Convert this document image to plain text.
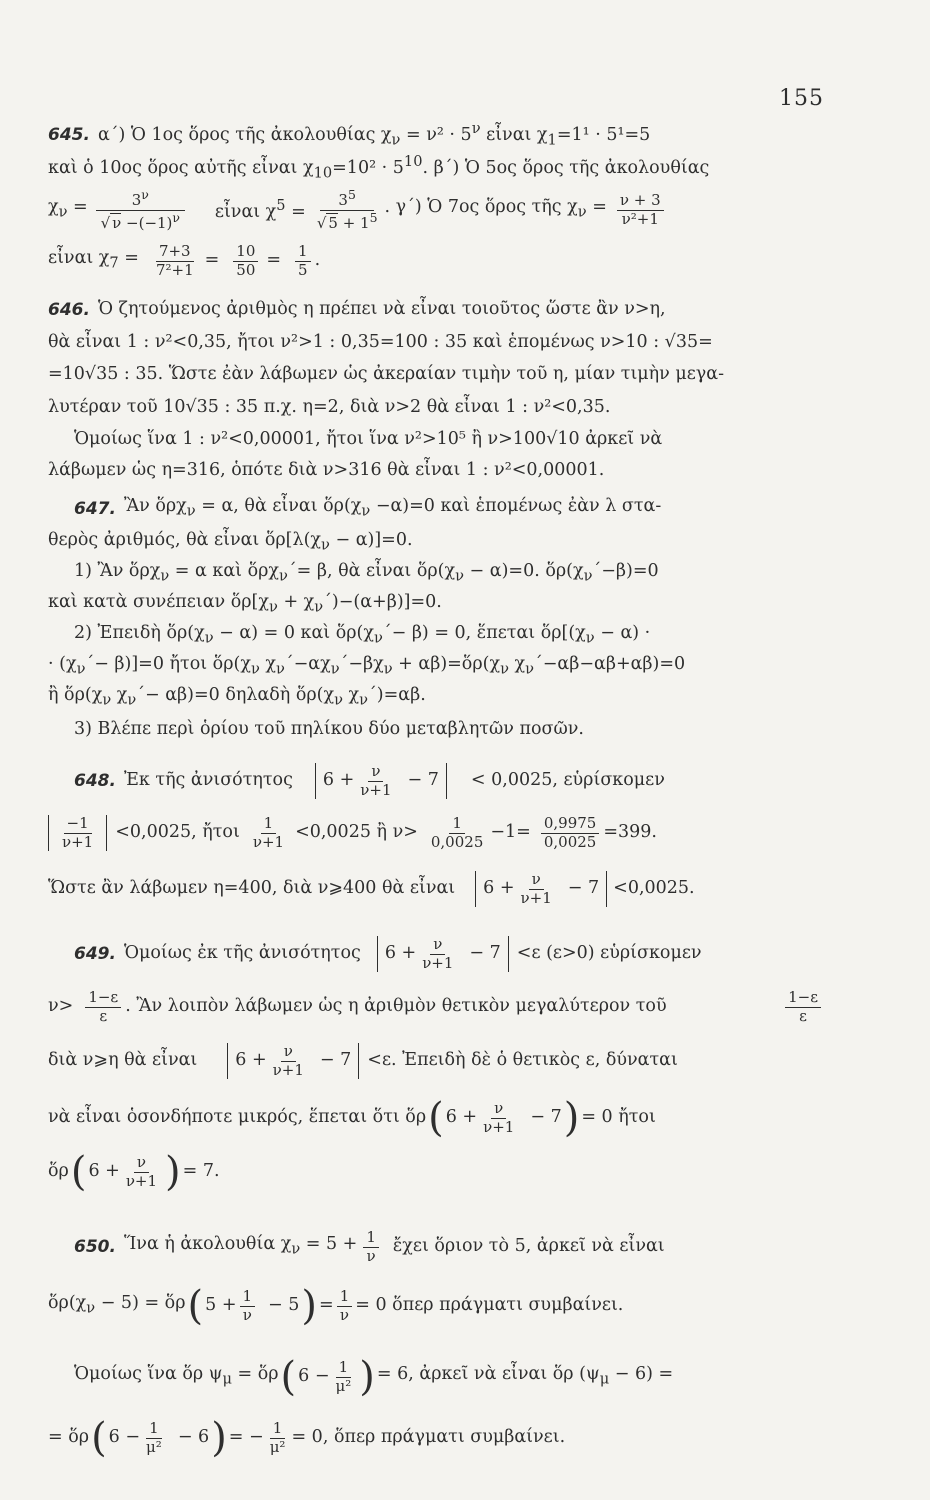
155
645. α΄) Ὁ 1ος ὅρος τῆς ἀκολουθίας $\chi_\nu = \nu^2 \cdot 5^\nu$ εἶναι $\chi_1=1^1 \cdot 5^1=5$
καὶ ὁ 10ος ὅρος αὐτῆς εἶναι $\chi_{10}=10^2 \cdot 5^{10}$. β΄) Ὁ 5ος ὅρος τῆς ἀκολουθίας
$\chi_\nu = \frac{3^\nu}{√ \nu -(-1)^\nu}$ εἶναι $\chi^5 = \frac{3^5}{√ 5 + 1^5}$ . γ΄) Ὁ 7ος ὅρος τῆς $\chi_\nu = \frac{\nu + 3}{\text{ν²+1}}$
εἶναι $\chi_7 = \frac{7+3}{\text{7²+1}} = 10$
50 = 1
5 .
646. Ὁ ζητούμενος ἀριθμὸς η πρέπει νὰ εἶναι τοιοῦτος ὥστε ἂν ν>η,
θὰ εἶναι 1 : ν²<0,35, ἤτοι ν²>1 : 0,35=100 : 35 καὶ ἑπομένως ν>10 : √35=
=10√35 : 35. Ὥστε ἐὰν λάβωμεν ὡς ἀκεραίαν τιμὴν τοῦ η, μίαν τιμὴν μεγα-
λυτέραν τοῦ 10√35 : 35 π.χ. η=2, διὰ ν>2 θὰ εἶναι 1 : ν²<0,35.
Ὁμοίως ἵνα 1 : ν²<0,00001, ἤτοι ἵνα ν²>10⁵ ἢ ν>100√10 ἀρκεῖ νὰ
λάβωμεν ὡς η=316, ὁπότε διὰ ν>316 θὰ εἶναι 1 : ν²<0,00001.
647. Ἂν ὅρχ$_\nu$ = α, θὰ εἶναι $ὅ\rho(\chi_\nu -\alpha)=0$ καὶ ἑπομένως ἐὰν λ στα-
θερὸς ἀριθμός, θὰ εἶναι $ὅ\rho[\lambda(\chi_\nu - \alpha)]=0$.
1) Ἂν ὅρχ$_\nu$ = α καὶ ὅρχ$_\nu$΄= β, θὰ εἶναι $ὅ\rho(\chi_\nu - \alpha)=0$. $ὅ\rho(\chi_\nu΄-\beta)=0$
καὶ κατὰ συνέπειαν $ὅ\rho[\chi_\nu + \chi_\nu΄)-(\alpha+\beta)]=0$.
2) Ἐπειδὴ $ὅ\rho(\chi_\nu - \alpha) = 0$ καὶ $ὅ\rho(\chi_\nu΄- \beta) = 0$, ἕπεται $ὅ\rho[(\chi_\nu - \alpha)$ ·
· $(\chi_\nu΄- \beta)]=0$ ἤτοι $ὅ\rho(\chi_\nu$ $\chi_\nu΄-\alpha\chi_\nu΄-\beta\chi_\nu$ + $\alpha\beta)=ὅ\rho(\chi_\nu$ $\chi_\nu΄-\alpha\beta-\alpha\beta+\alpha\beta)=0$
ἢ $ὅ\rho(\chi_\nu$ $\chi_\nu΄- \alpha\beta)=0$ δηλαδὴ $ὅ\rho(\chi_\nu$ $\chi_\nu΄)=\alpha\beta$.
3) Βλέπε περὶ ὁρίου τοῦ πηλίκου δύο μεταβλητῶν ποσῶν.
648. Ἐκ τῆς ἀνισότητος $6 + \frac{\nu}{\nu+1} - 7 < 0,0025$, εὑρίσκομεν
−1
ν+1 <0,0025, ἤτοι 1
ν+1 <0,0025 ἢ ν> 1
$0,0025 -1= \frac{0,9975}{0,0025} =399$.
Ὥστε ἂν λάβωμεν η=400, διὰ ν⩾400 θὰ εἶναι $6 + \frac{\nu}{\nu+1} - 7 <0,0025$.
649. Ὁμοίως ἐκ τῆς ἀνισότητος $6 + \frac{\nu}{\nu+1} - 7 <\varepsilon$ (ε>0) εὑρίσκομεν
ν> 1−ε
ε . Ἂν λοιπὸν λάβωμεν ὡς η ἀριθμὸν θετικὸν μεγαλύτερον τοῦ	1−ε
ε
διὰ ν⩾η θὰ εἶναι $6 + \frac{\nu}{\nu+1} - 7 <\varepsilon$. Ἐπειδὴ δὲ ὁ θετικὸς ε, δύναται
νὰ εἶναι ὁσονδήποτε μικρός, ἕπεται ὅτι ὅρ ( $6 + \frac{\nu}{\nu+1} - 7$ ) = 0 ἤτοι
ὅρ ( $6 + \frac{\nu}{\nu+1}$ ) = 7.
650. Ἵνα ἡ ἀκολουθία $\chi_\nu = 5 + \frac{1}{\nu}$ ἔχει ὅριον τὸ 5, ἀρκεῖ νὰ εἶναι
$ὅ\rho(\chi_\nu - 5)$ = ὅρ ( $5 + \frac{1}{\nu} - 5$ ) = $\frac{1}{\nu} = 0$ ὅπερ πράγματι συμβαίνει.
Ὁμοίως ἵνα ὅρ $\psi_\mu$ = ὅρ ( $6 - \frac{1}{\text{μ²}}$ ) = 6, ἀρκεῖ νὰ εἶναι ὅρ $(\psi_\mu - 6)$ =
= ὅρ ( $6 - \frac{1}{\text{μ²}} - 6$ ) = − $\frac{1}{\text{μ²}} = 0$, ὅπερ πράγματι συμβαίνει.
